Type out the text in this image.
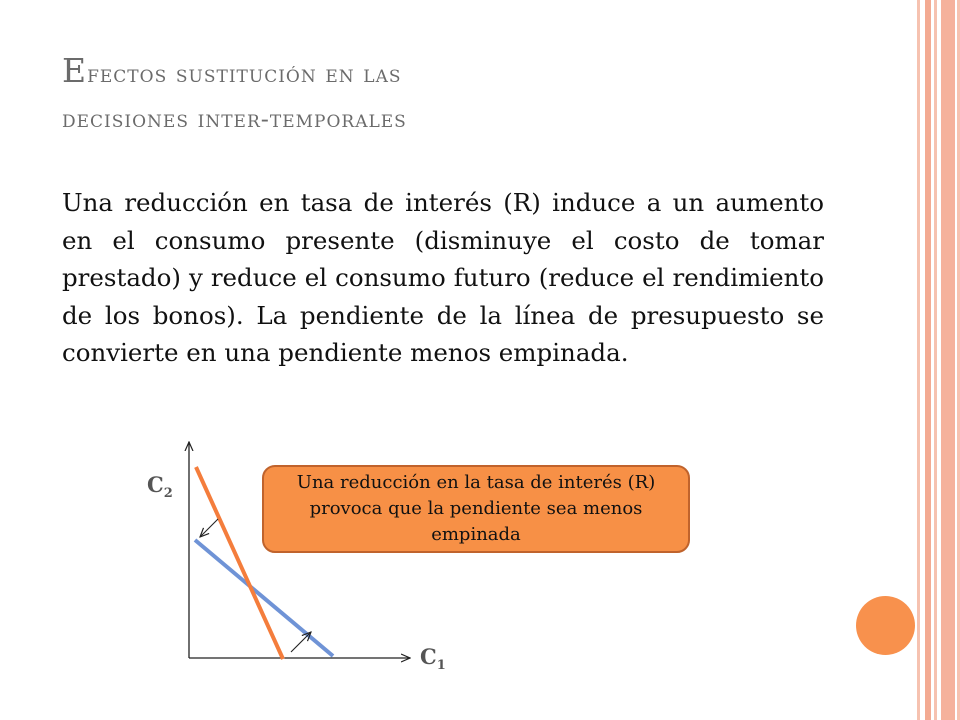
Efectos sustitución en las
decisiones inter-temporales
Una reducción en tasa de interés (R) induce a un aumento en el consumo presente (disminuye el costo de tomar prestado) y reduce el consumo futuro (reduce el rendimiento de los bonos). La pendiente de la línea de presupuesto se convierte en una pendiente menos empinada.
$C_2$
$C_1$
Una reducción en la tasa de interés (R) provoca que la pendiente sea menos empinada
